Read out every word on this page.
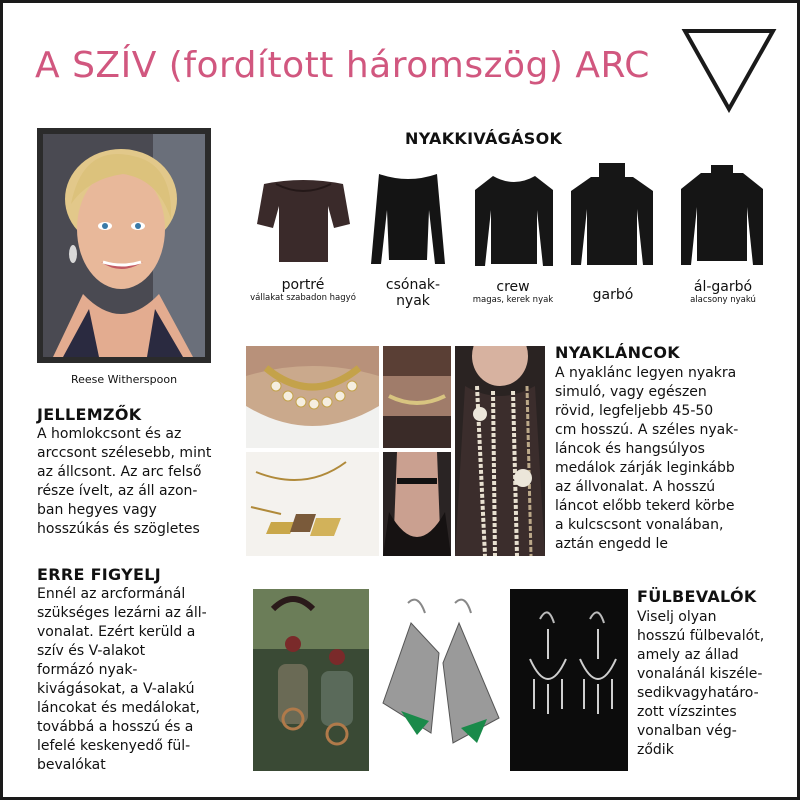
A SZÍV (fordított háromszög) ARC
Reese Witherspoon
NYAKKIVÁGÁSOK
portré
vállakat szabadon hagyó
csónak-
nyak
crew
magas, kerek nyak	garbó	ál-garbó
alacsony nyakú
JELLEMZŐK
A homlokcsont és az
arccsont szélesebb, mint
az állcsont. Az arc felső
része ívelt, az áll azon-
ban hegyes vagy
hosszúkás és szögletes
ERRE FIGYELJ
Ennél az arcformánál
szükséges lezárni az áll-
vonalat. Ezért kerüld a
szív és V-alakot
formázó nyak-
kivágásokat, a V-alakú
láncokat és medálokat,
továbbá a hosszú és a
lefelé keskenyedő fül-
bevalókat
NYAKLÁNCOK
A nyaklánc legyen nyakra
simuló, vagy egészen
rövid, legfeljebb 45-50
cm hosszú. A széles nyak-
láncok és hangsúlyos
medálok zárják leginkább
az állvonalat. A hosszú
láncot előbb tekerd körbe
a kulcscsont vonalában,
aztán engedd le
FÜLBEVALÓK
Viselj olyan
hosszú fülbevalót,
amely az állad
vonalánál kiszéle-
sedikvagyhatáro-
zott vízszintes
vonalban vég-
ződik
